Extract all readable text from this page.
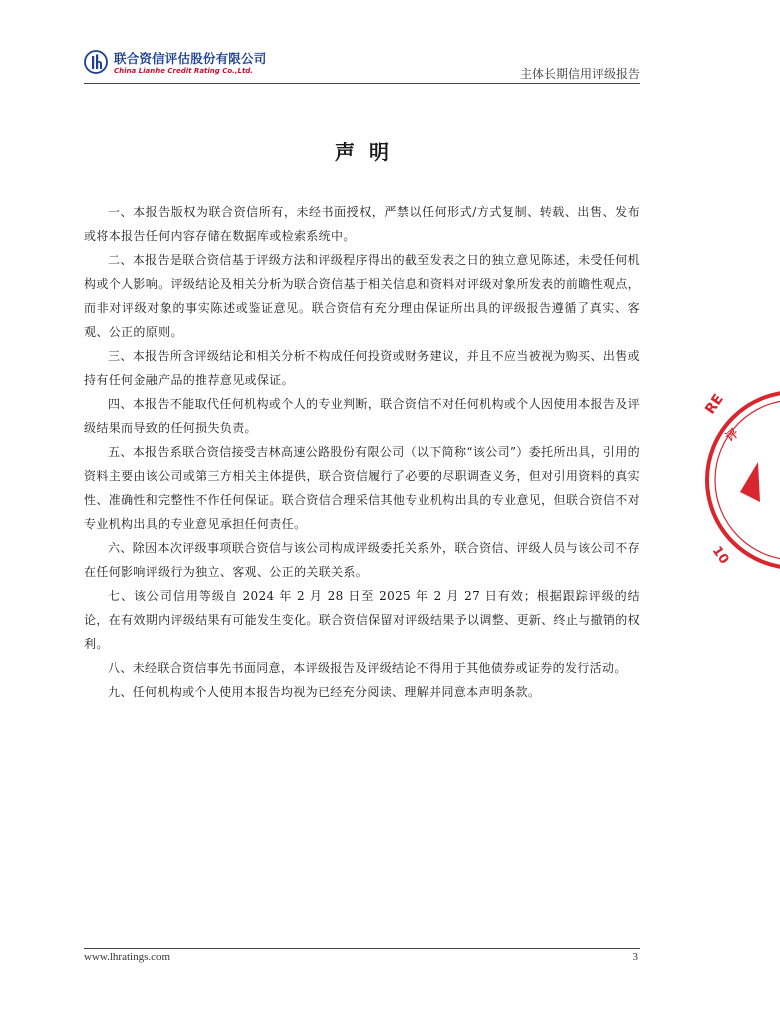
联合资信评估股份有限公司
China Lianhe Credit Rating Co.,Ltd.	主体长期信用评级报告
声明

一、本报告版权为联合资信所有，未经书面授权，严禁以任何形式/方式复制、转载、出售、发布或将本报告任何内容存储在数据库或检索系统中。

二、本报告是联合资信基于评级方法和评级程序得出的截至发表之日的独立意见陈述，未受任何机构或个人影响。评级结论及相关分析为联合资信基于相关信息和资料对评级对象所发表的前瞻性观点，而非对评级对象的事实陈述或鉴证意见。联合资信有充分理由保证所出具的评级报告遵循了真实、客观、公正的原则。

三、本报告所含评级结论和相关分析不构成任何投资或财务建议，并且不应当被视为购买、出售或持有任何金融产品的推荐意见或保证。

四、本报告不能取代任何机构或个人的专业判断，联合资信不对任何机构或个人因使用本报告及评级结果而导致的任何损失负责。

五、本报告系联合资信接受吉林高速公路股份有限公司（以下简称“该公司”）委托所出具，引用的资料主要由该公司或第三方相关主体提供，联合资信履行了必要的尽职调查义务，但对引用资料的真实性、准确性和完整性不作任何保证。联合资信合理采信其他专业机构出具的专业意见，但联合资信不对专业机构出具的专业意见承担任何责任。

六、除因本次评级事项联合资信与该公司构成评级委托关系外，联合资信、评级人员与该公司不存在任何影响评级行为独立、客观、公正的关联关系。

七、该公司信用等级自 2024 年 2 月 28 日至 2025 年 2 月 27 日有效；根据跟踪评级的结论，在有效期内评级结果有可能发生变化。联合资信保留对评级结果予以调整、更新、终止与撤销的权利。

八、未经联合资信事先书面同意，本评级报告及评级结论不得用于其他债券或证券的发行活动。

九、任何机构或个人使用本报告均视为已经充分阅读、理解并同意本声明条款。

RE
评
10
www.lhratings.com	3
